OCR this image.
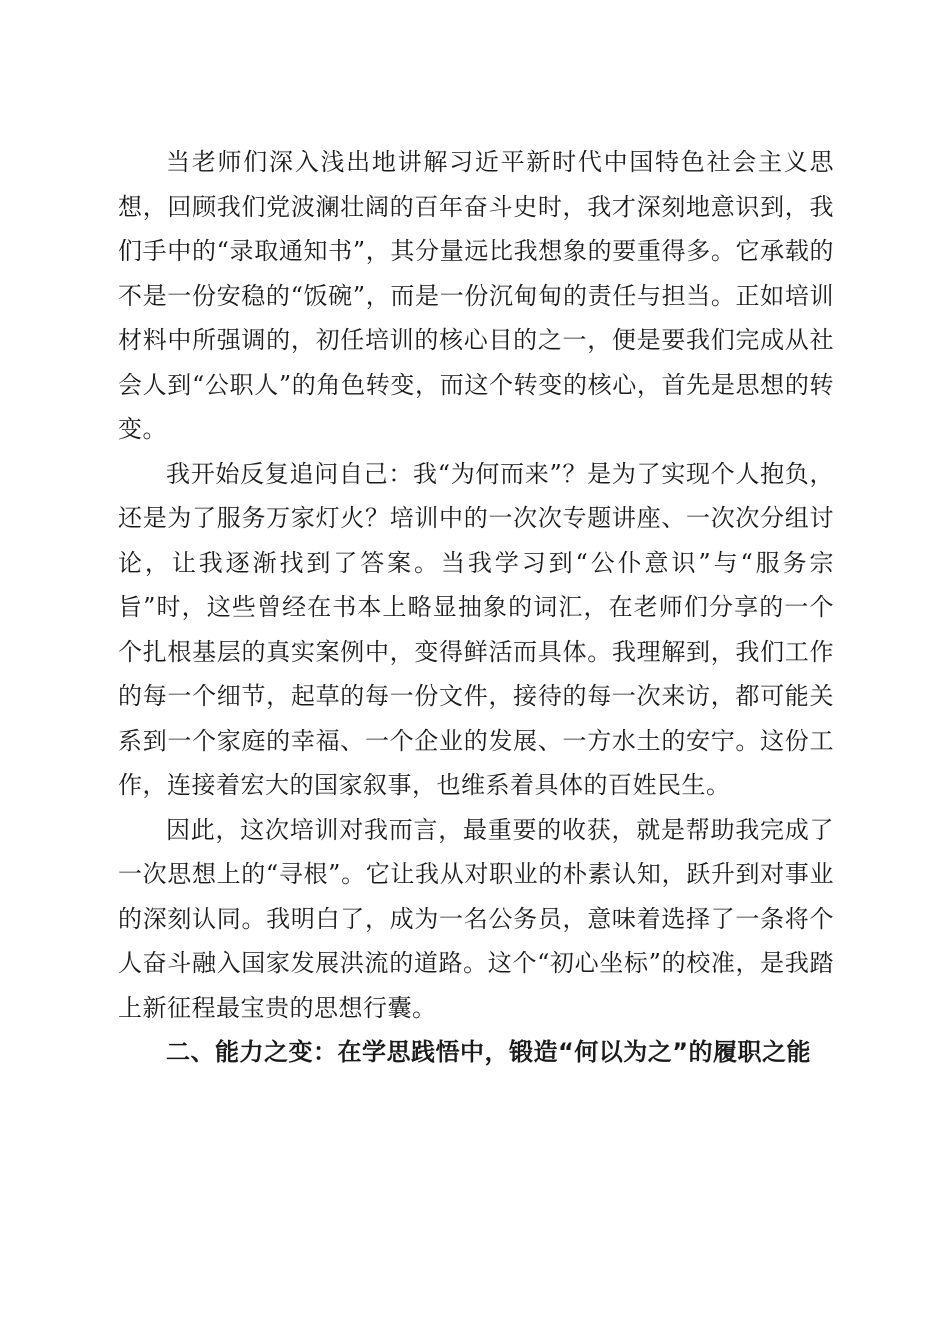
当老师们深入浅出地讲解习近平新时代中国特色社会主义思想，回顾我们党波澜壮阔的百年奋斗史时，我才深刻地意识到，我们手中的“录取通知书”，其分量远比我想象的要重得多。它承载的不是一份安稳的“饭碗”，而是一份沉甸甸的责任与担当。正如培训材料中所强调的，初任培训的核心目的之一，便是要我们完成从社会人到“公职人”的角色转变，而这个转变的核心，首先是思想的转变。

我开始反复追问自己：我“为何而来”？是为了实现个人抱负，还是为了服务万家灯火？培训中的一次次专题讲座、一次次分组讨论，让我逐渐找到了答案。当我学习到“公仆意识”与“服务宗旨”时，这些曾经在书本上略显抽象的词汇，在老师们分享的一个个扎根基层的真实案例中，变得鲜活而具体。我理解到，我们工作的每一个细节，起草的每一份文件，接待的每一次来访，都可能关系到一个家庭的幸福、一个企业的发展、一方水土的安宁。这份工作，连接着宏大的国家叙事，也维系着具体的百姓民生。

因此，这次培训对我而言，最重要的收获，就是帮助我完成了一次思想上的“寻根”。它让我从对职业的朴素认知，跃升到对事业的深刻认同。我明白了，成为一名公务员，意味着选择了一条将个人奋斗融入国家发展洪流的道路。这个“初心坐标”的校准，是我踏上新征程最宝贵的思想行囊。

二、能力之变：在学思践悟中，锻造“何以为之”的履职之能
